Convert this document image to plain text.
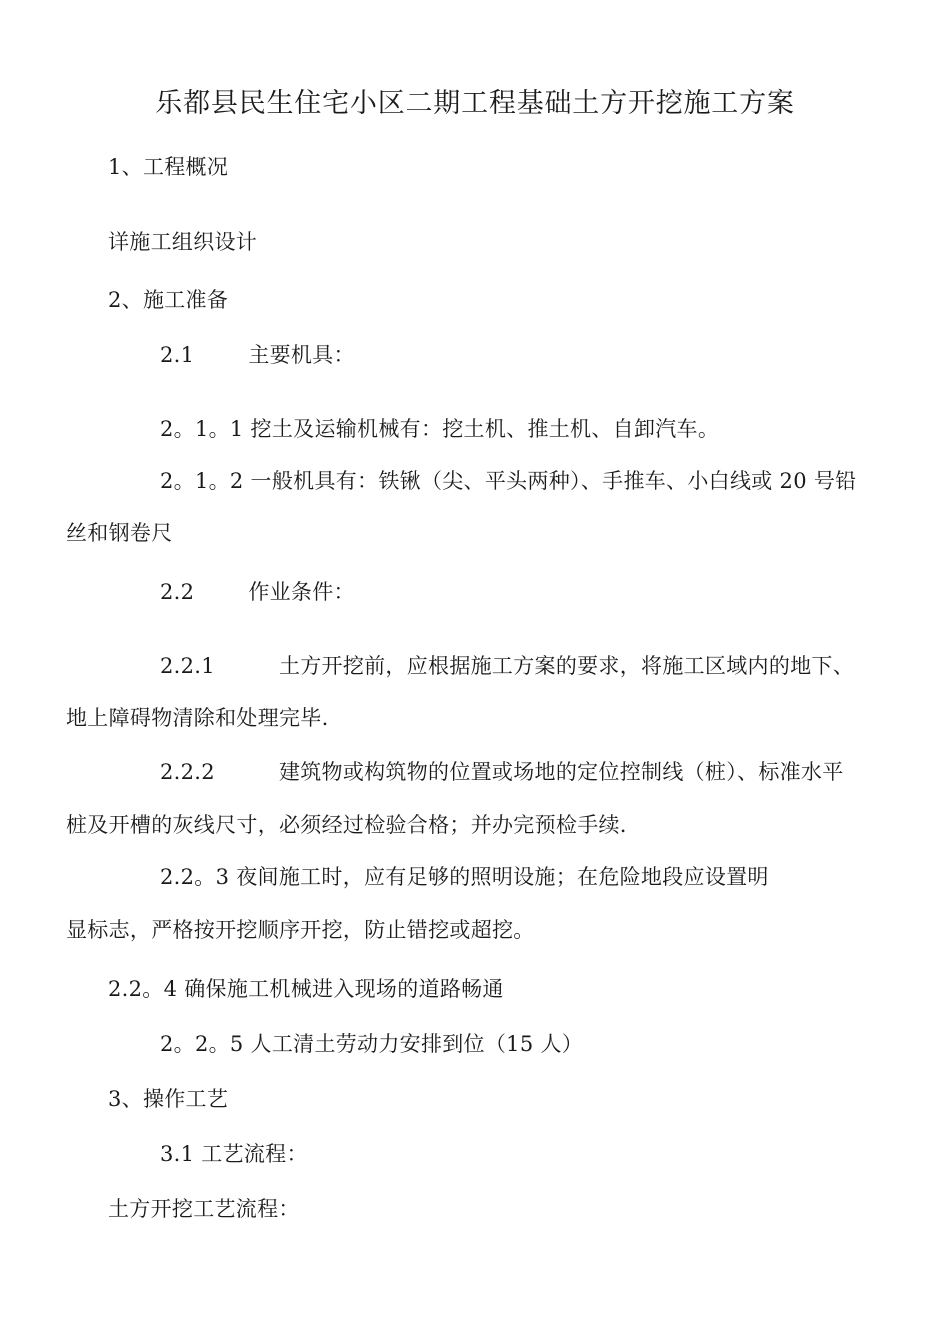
乐都县民生住宅小区二期工程基础土方开挖施工方案
1、工程概况
详施工组织设计
2、施工准备
2.1	主要机具：
2。1。1 挖土及运输机械有：挖土机、推土机、自卸汽车。
2。1。2 一般机具有：铁锹（尖、平头两种）、手推车、小白线或 20 号铅
丝和钢卷尺
2.2	作业条件：
2.2.1	土方开挖前，应根据施工方案的要求，将施工区域内的地下、
地上障碍物清除和处理完毕.
2.2.2	建筑物或构筑物的位置或场地的定位控制线（桩）、标准水平
桩及开槽的灰线尺寸，必须经过检验合格；并办完预检手续.
2.2。3 夜间施工时，应有足够的照明设施；在危险地段应设置明
显标志，严格按开挖顺序开挖，防止错挖或超挖。
2.2。4 确保施工机械进入现场的道路畅通
2。2。5 人工清土劳动力安排到位（15 人）
3、操作工艺
3.1 工艺流程：
土方开挖工艺流程：
